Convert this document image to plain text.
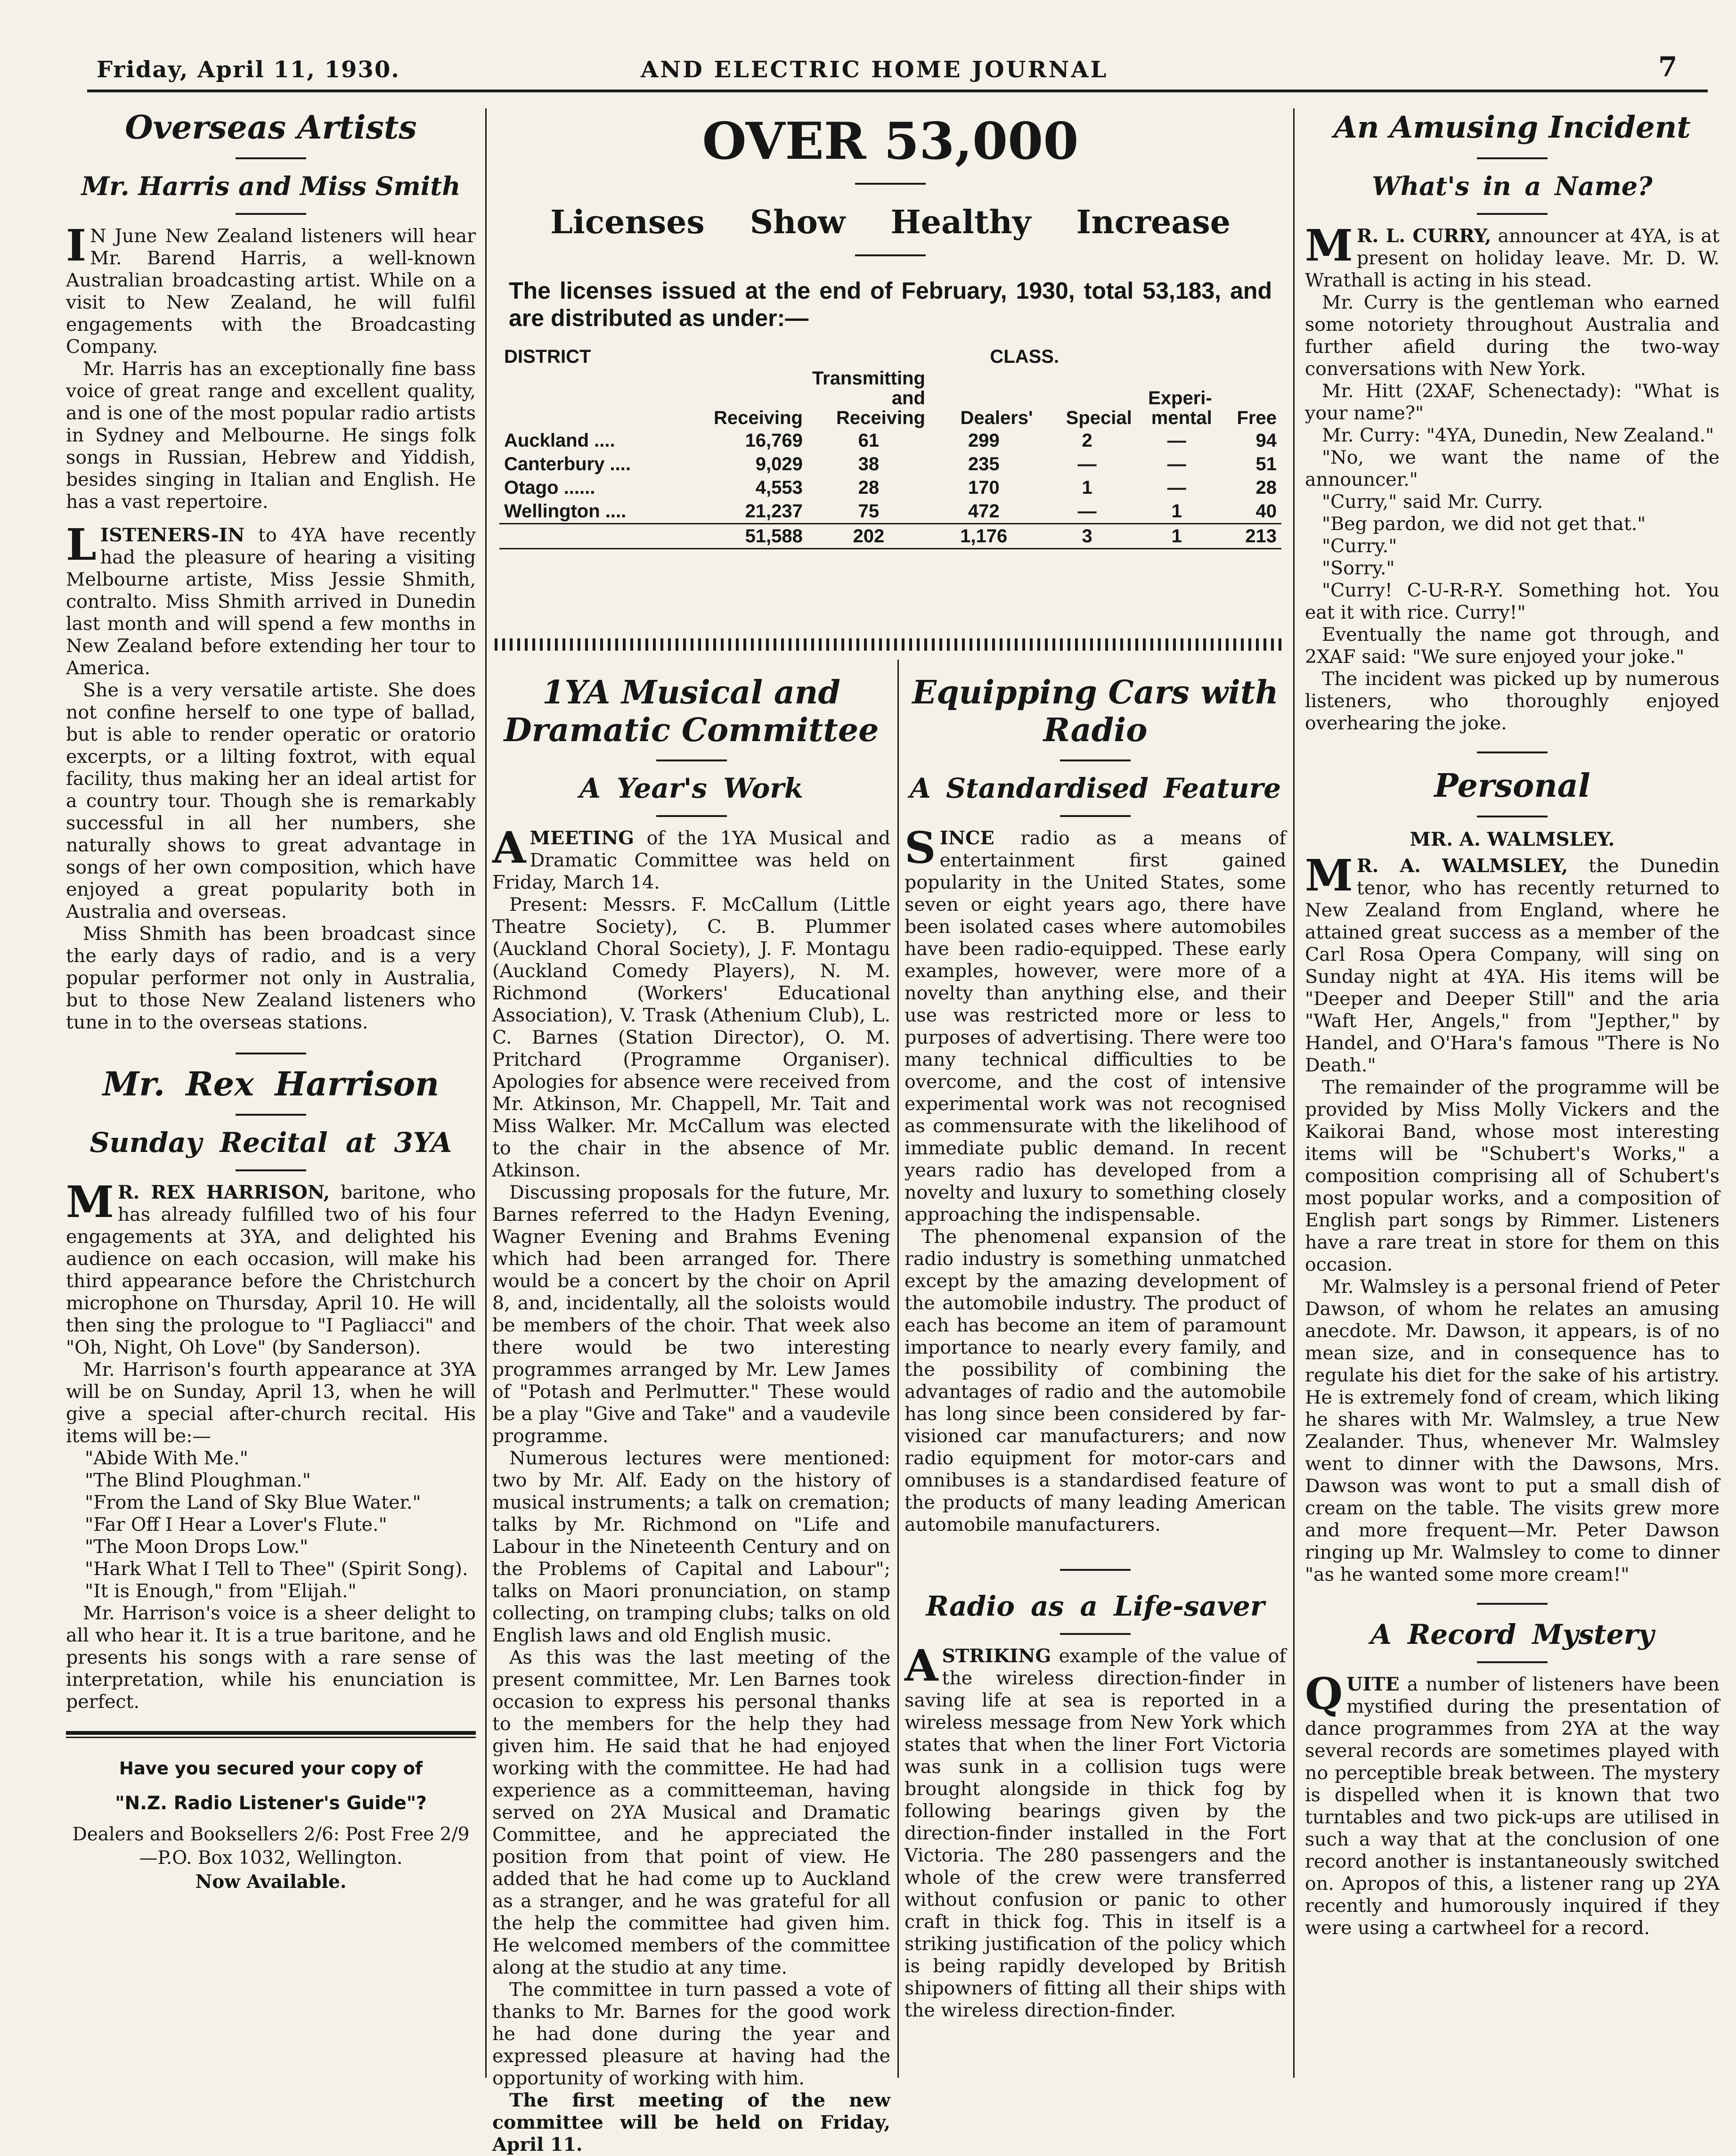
Friday, April 11, 1930.	AND ELECTRIC HOME JOURNAL	7
Overseas Artists
Mr. Harris and Miss Smith

I N June New Zealand listeners will hear Mr. Barend Harris, a well-known Australian broadcasting artist. While on a visit to New Zealand, he will fulfil engagements with the Broadcasting Company.

Mr. Harris has an exceptionally fine bass voice of great range and excellent quality, and is one of the most popular radio artists in Sydney and Melbourne. He sings folk songs in Russian, Hebrew and Yiddish, besides singing in Italian and English. He has a vast repertoire.

LISTENERS-IN to 4YA have recently had the pleasure of hearing a visiting Melbourne artiste, Miss Jessie Shmith, contralto. Miss Shmith arrived in Dunedin last month and will spend a few months in New Zealand before extending her tour to America.

She is a very versatile artiste. She does not confine herself to one type of ballad, but is able to render operatic or oratorio excerpts, or a lilting foxtrot, with equal facility, thus making her an ideal artist for a country tour. Though she is remarkably successful in all her numbers, she naturally shows to great advantage in songs of her own composition, which have enjoyed a great popularity both in Australia and overseas.

Miss Shmith has been broadcast since the early days of radio, and is a very popular performer not only in Australia, but to those New Zealand listeners who tune in to the overseas stations.

Mr. Rex Harrison
Sunday Recital at 3YA

M R. REX HARRISON, baritone, who has already fulfilled two of his four engagements at 3YA, and delighted his audience on each occasion, will make his third appearance before the Christchurch microphone on Thursday, April 10. He will then sing the prologue to "I Pagliacci" and "Oh, Night, Oh Love" (by Sanderson).

Mr. Harrison's fourth appearance at 3YA will be on Sunday, April 13, when he will give a special after-church recital. His items will be:—

"Abide With Me."

"The Blind Ploughman."

"From the Land of Sky Blue Water."

"Far Off I Hear a Lover's Flute."

"The Moon Drops Low."

"Hark What I Tell to Thee" (Spirit Song).

"It is Enough," from "Elijah."

Mr. Harrison's voice is a sheer delight to all who hear it. It is a true baritone, and he presents his songs with a rare sense of interpretation, while his enunciation is perfect.

Have you secured your copy of
"N.Z. Radio Listener's Guide"?
Dealers and Booksellers 2/6: Post Free 2/9—P.O. Box 1032, Wellington.
Now Available.
OVER 53,000
Licenses Show Healthy Increase

The licenses issued at the end of February, 1930, total 53,183, and are distributed as under:—

DISTRICT	CLASS.					
	Receiving	Transmitting and Receiving	Dealers'	Special	Experi-mental	Free
Auckland ....	16,769	61	299	2	—	94
Canterbury ....	9,029	38	235	—	—	51
Otago ......	4,553	28	170	1	—	28
Wellington ....	21,237	75	472	—	1	40
	51,588	202	1,176	3	1	213
1YA Musical and Dramatic Committee
A Year's Work

AMEETING of the 1YA Musical and Dramatic Committee was held on Friday, March 14.

Present: Messrs. F. McCallum (Little Theatre Society), C. B. Plummer (Auckland Choral Society), J. F. Montagu (Auckland Comedy Players), N. M. Richmond (Workers' Educational Association), V. Trask (Athenium Club), L. C. Barnes (Station Director), O. M. Pritchard (Programme Organiser). Apologies for absence were received from Mr. Atkinson, Mr. Chappell, Mr. Tait and Miss Walker. Mr. McCallum was elected to the chair in the absence of Mr. Atkinson.

Discussing proposals for the future, Mr. Barnes referred to the Hadyn Evening, Wagner Evening and Brahms Evening which had been arranged for. There would be a concert by the choir on April 8, and, incidentally, all the soloists would be members of the choir. That week also there would be two interesting programmes arranged by Mr. Lew James of "Potash and Perlmutter." These would be a play "Give and Take" and a vaudevile programme.

Numerous lectures were mentioned: two by Mr. Alf. Eady on the history of musical instruments; a talk on cremation; talks by Mr. Richmond on "Life and Labour in the Nineteenth Century and on the Problems of Capital and Labour"; talks on Maori pronunciation, on stamp collecting, on tramping clubs; talks on old English laws and old English music.

As this was the last meeting of the present committee, Mr. Len Barnes took occasion to express his personal thanks to the members for the help they had given him. He said that he had enjoyed working with the committee. He had had experience as a committeeman, having served on 2YA Musical and Dramatic Committee, and he appreciated the position from that point of view. He added that he had come up to Auckland as a stranger, and he was grateful for all the help the committee had given him. He welcomed members of the committee along at the studio at any time.

The committee in turn passed a vote of thanks to Mr. Barnes for the good work he had done during the year and expressed pleasure at having had the opportunity of working with him.

The first meeting of the new committee will be held on Friday, April 11.

Equipping Cars with Radio
A Standardised Feature

SINCE radio as a means of entertainment first gained popularity in the United States, some seven or eight years ago, there have been isolated cases where automobiles have been radio-equipped. These early examples, however, were more of a novelty than anything else, and their use was restricted more or less to purposes of advertising. There were too many technical difficulties to be overcome, and the cost of intensive experimental work was not recognised as commensurate with the likelihood of immediate public demand. In recent years radio has developed from a novelty and luxury to something closely approaching the indispensable.

The phenomenal expansion of the radio industry is something unmatched except by the amazing development of the automobile industry. The product of each has become an item of paramount importance to nearly every family, and the possibility of combining the advantages of radio and the automobile has long since been considered by far-visioned car manufacturers; and now radio equipment for motor-cars and omnibuses is a standardised feature of the products of many leading American automobile manufacturers.

Radio as a Life-saver

ASTRIKING example of the value of the wireless direction-finder in saving life at sea is reported in a wireless message from New York which states that when the liner Fort Victoria was sunk in a collision tugs were brought alongside in thick fog by following bearings given by the direction-finder installed in the Fort Victoria. The 280 passengers and the whole of the crew were transferred without confusion or panic to other craft in thick fog. This in itself is a striking justification of the policy which is being rapidly developed by British shipowners of fitting all their ships with the wireless direction-finder.

An Amusing Incident
What's in a Name?

M R. L. CURRY, announcer at 4YA, is at present on holiday leave. Mr. D. W. Wrathall is acting in his stead.

Mr. Curry is the gentleman who earned some notoriety throughout Australia and further afield during the two-way conversations with New York.

Mr. Hitt (2XAF, Schenectady): "What is your name?"

Mr. Curry: "4YA, Dunedin, New Zealand."

"No, we want the name of the announcer."

"Curry," said Mr. Curry.

"Beg pardon, we did not get that."

"Curry."

"Sorry."

"Curry! C-U-R-R-Y. Something hot. You eat it with rice. Curry!"

Eventually the name got through, and 2XAF said: "We sure enjoyed your joke."

The incident was picked up by numerous listeners, who thoroughly enjoyed overhearing the joke.

Personal
MR. A. WALMSLEY.

M R. A. WALMSLEY, the Dunedin tenor, who has recently returned to New Zealand from England, where he attained great success as a member of the Carl Rosa Opera Company, will sing on Sunday night at 4YA. His items will be "Deeper and Deeper Still" and the aria "Waft Her, Angels," from "Jepther," by Handel, and O'Hara's famous "There is No Death."

The remainder of the programme will be provided by Miss Molly Vickers and the Kaikorai Band, whose most interesting items will be "Schubert's Works," a composition comprising all of Schubert's most popular works, and a composition of English part songs by Rimmer. Listeners have a rare treat in store for them on this occasion.

Mr. Walmsley is a personal friend of Peter Dawson, of whom he relates an amusing anecdote. Mr. Dawson, it appears, is of no mean size, and in consequence has to regulate his diet for the sake of his artistry. He is extremely fond of cream, which liking he shares with Mr. Walmsley, a true New Zealander. Thus, whenever Mr. Walmsley went to dinner with the Dawsons, Mrs. Dawson was wont to put a small dish of cream on the table. The visits grew more and more frequent—Mr. Peter Dawson ringing up Mr. Walmsley to come to dinner "as he wanted some more cream!"

A Record Mystery

QUITE a number of listeners have been mystified during the presentation of dance programmes from 2YA at the way several records are sometimes played with no perceptible break between. The mystery is dispelled when it is known that two turntables and two pick-ups are utilised in such a way that at the conclusion of one record another is instantaneously switched on. Apropos of this, a listener rang up 2YA recently and humorously inquired if they were using a cartwheel for a record.
